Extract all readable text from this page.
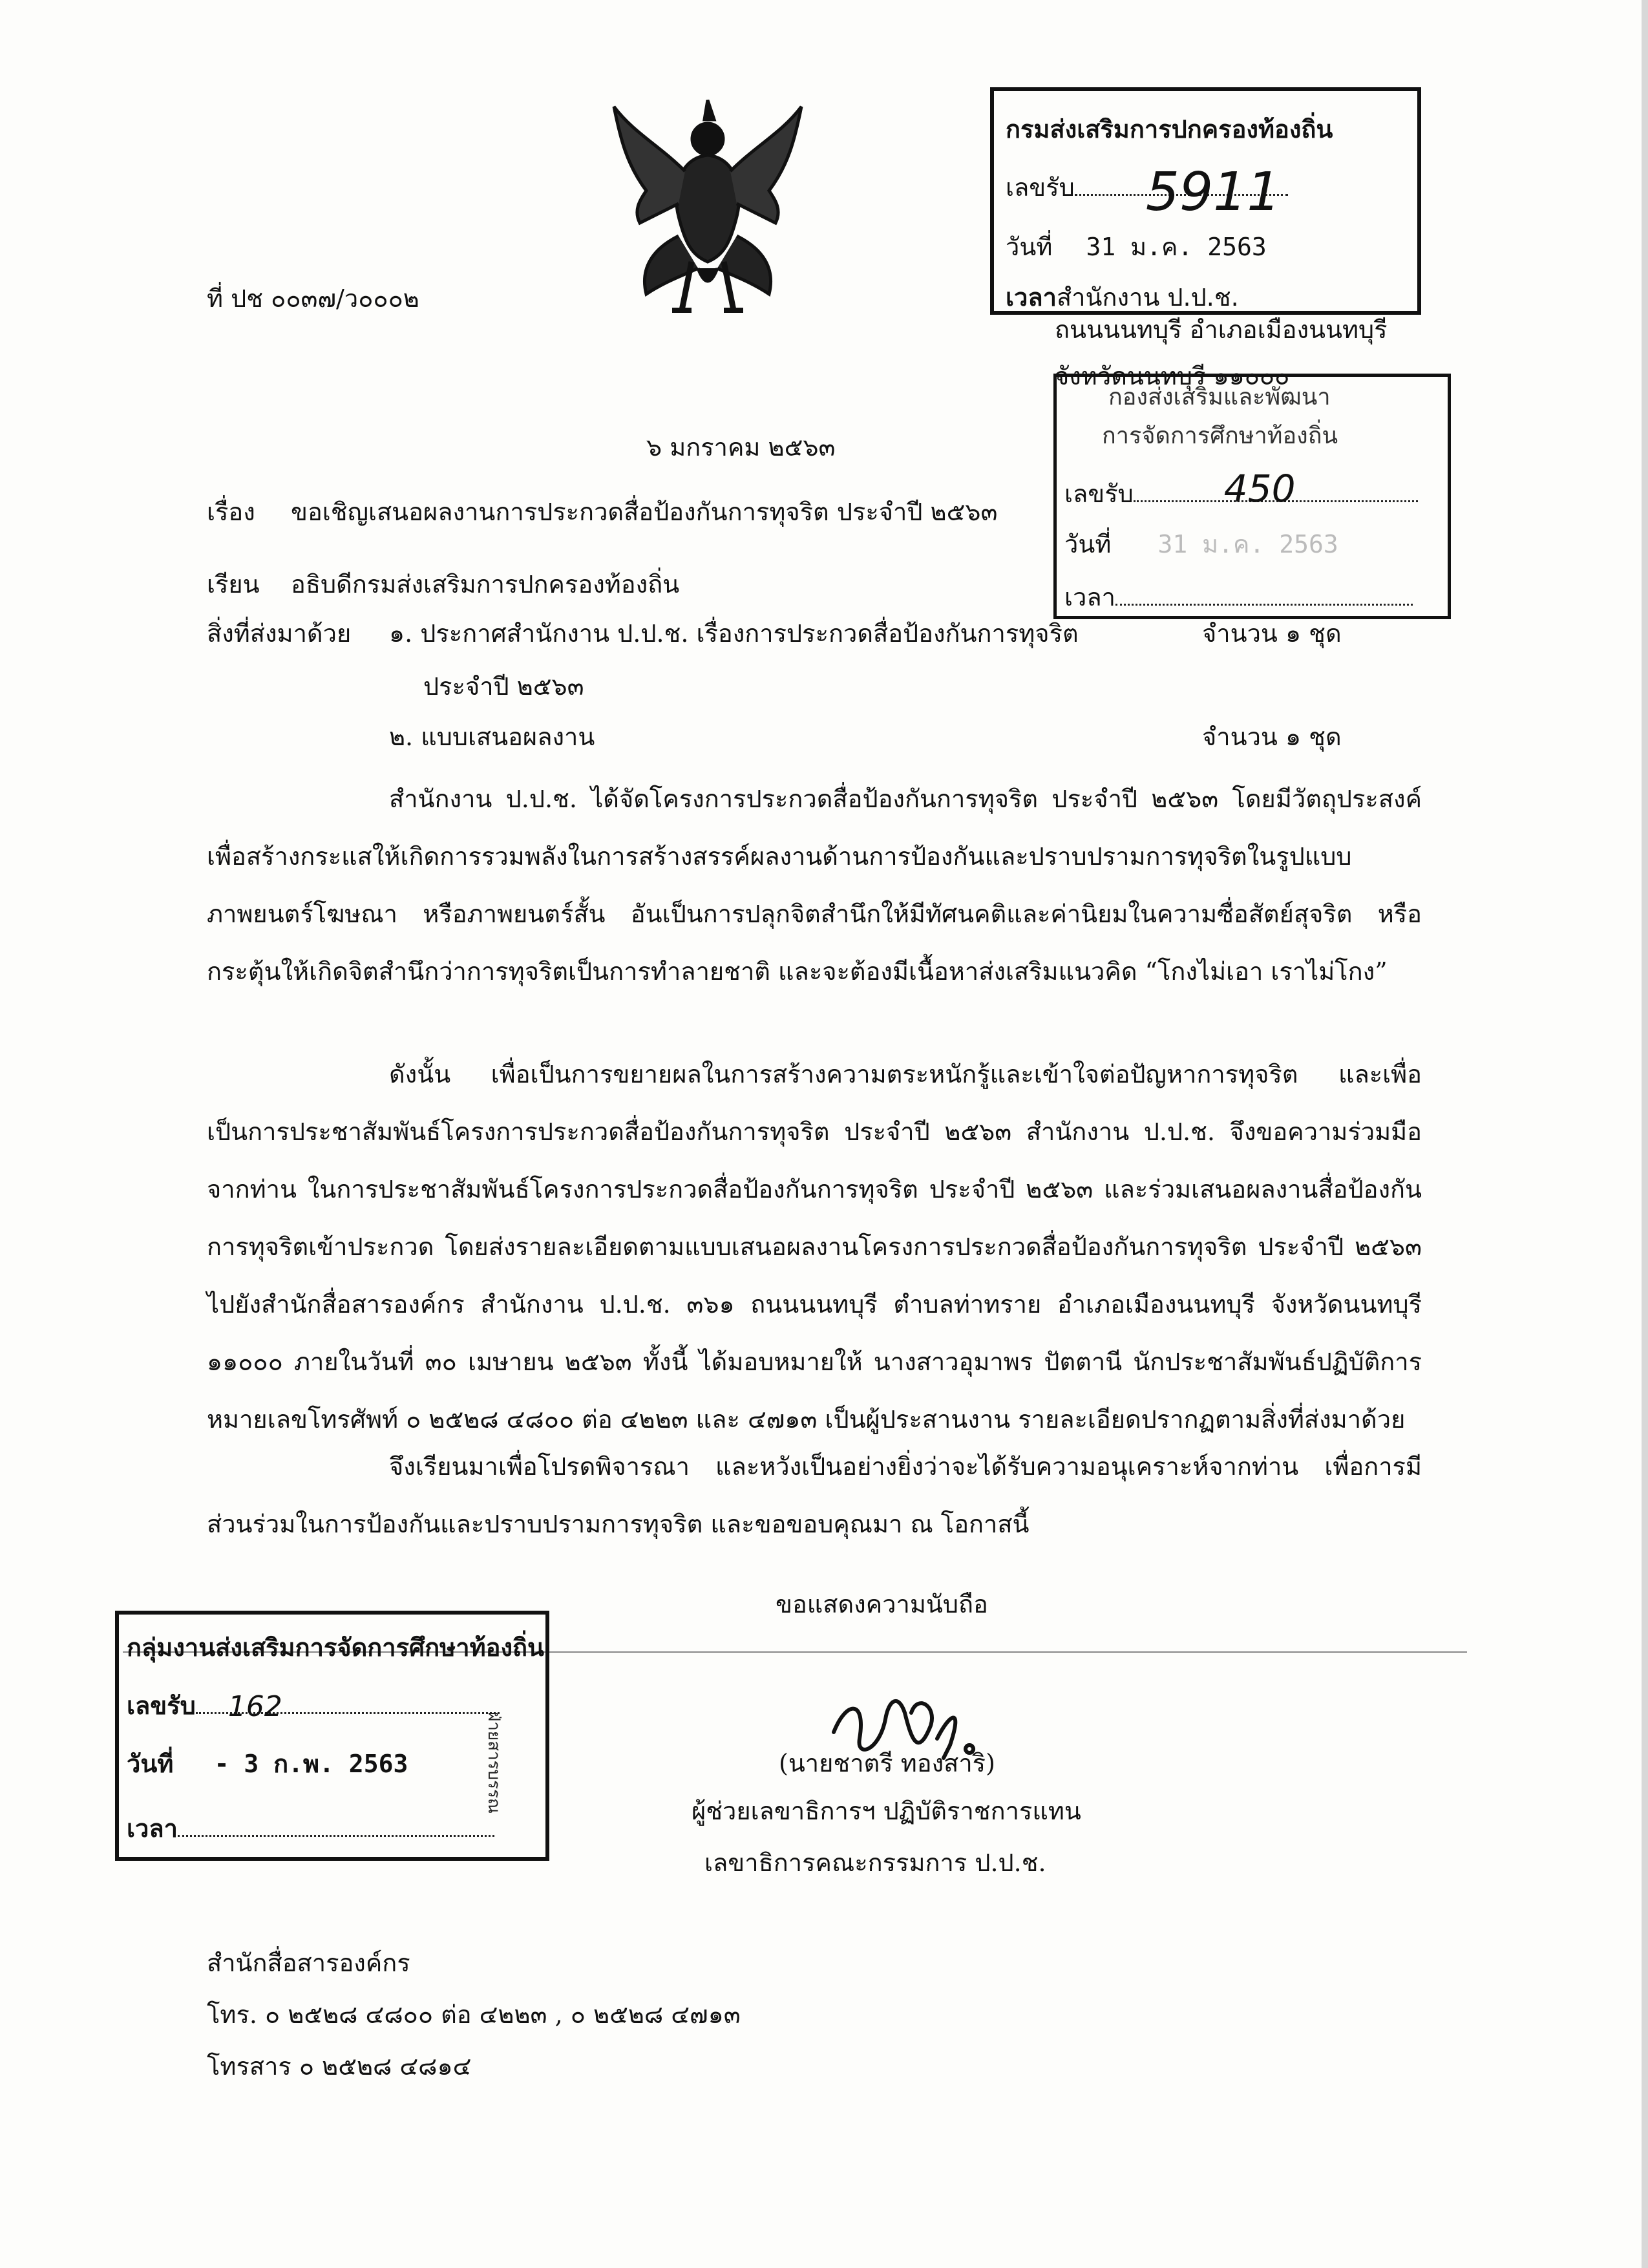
ที่ ปช ๐๐๓๗/ว๐๐๐๒
ถนนนนทบุรี อำเภอเมืองนนทบุรี
จังหวัดนนทบุรี ๑๑๐๐๐
๖ มกราคม ๒๕๖๓
กรมส่งเสริมการปกครองท้องถิ่น
เลขรับ 5911
วันที่ 31 ม.ค. 2563
เวลาสำนักงาน ป.ป.ช.
กองส่งเสริมและพัฒนา
การจัดการศึกษาท้องถิ่น
เลขรับ 450
วันที่ 31 ม.ค. 2563
เวลา
เรื่อง ขอเชิญเสนอผลงานการประกวดสื่อป้องกันการทุจริต ประจำปี ๒๕๖๓
เรียน อธิบดีกรมส่งเสริมการปกครองท้องถิ่น
สิ่งที่ส่งมาด้วย ๑. ประกาศสำนักงาน ป.ป.ช. เรื่องการประกวดสื่อป้องกันการทุจริต	จำนวน ๑ ชุด
ประจำปี ๒๕๖๓
๒. แบบเสนอผลงาน	จำนวน ๑ ชุด
สำนักงาน ป.ป.ช. ได้จัดโครงการประกวดสื่อป้องกันการทุจริต ประจำปี ๒๕๖๓ โดยมีวัตถุประสงค์เพื่อสร้างกระแสให้เกิดการรวมพลังในการสร้างสรรค์ผลงานด้านการป้องกันและปราบปรามการทุจริตในรูปแบบภาพยนตร์โฆษณา หรือภาพยนตร์สั้น อันเป็นการปลุกจิตสำนึกให้มีทัศนคติและค่านิยมในความซื่อสัตย์สุจริต หรือกระตุ้นให้เกิดจิตสำนึกว่าการทุจริตเป็นการทำลายชาติ และจะต้องมีเนื้อหาส่งเสริมแนวคิด “โกงไม่เอา เราไม่โกง”
ดังนั้น เพื่อเป็นการขยายผลในการสร้างความตระหนักรู้และเข้าใจต่อปัญหาการทุจริต และเพื่อเป็นการประชาสัมพันธ์โครงการประกวดสื่อป้องกันการทุจริต ประจำปี ๒๕๖๓ สำนักงาน ป.ป.ช. จึงขอความร่วมมือจากท่าน ในการประชาสัมพันธ์โครงการประกวดสื่อป้องกันการทุจริต ประจำปี ๒๕๖๓ และร่วมเสนอผลงานสื่อป้องกันการทุจริตเข้าประกวด โดยส่งรายละเอียดตามแบบเสนอผลงานโครงการประกวดสื่อป้องกันการทุจริต ประจำปี ๒๕๖๓ ไปยังสำนักสื่อสารองค์กร สำนักงาน ป.ป.ช. ๓๖๑ ถนนนนทบุรี ตำบลท่าทราย อำเภอเมืองนนทบุรี จังหวัดนนทบุรี ๑๑๐๐๐ ภายในวันที่ ๓๐ เมษายน ๒๕๖๓ ทั้งนี้ ได้มอบหมายให้ นางสาวอุมาพร ปัตตานี นักประชาสัมพันธ์ปฏิบัติการ หมายเลขโทรศัพท์ ๐ ๒๕๒๘ ๔๘๐๐ ต่อ ๔๒๒๓ และ ๔๗๑๓ เป็นผู้ประสานงาน รายละเอียดปรากฏตามสิ่งที่ส่งมาด้วย
จึงเรียนมาเพื่อโปรดพิจารณา และหวังเป็นอย่างยิ่งว่าจะได้รับความอนุเคราะห์จากท่าน เพื่อการมีส่วนร่วมในการป้องกันและปราบปรามการทุจริต และขอขอบคุณมา ณ โอกาสนี้
กลุ่มงานส่งเสริมการจัดการศึกษาท้องถิ่น
เลขรับ 162
วันที่ - 3 ก.พ. 2563	ฝ่ายสารบรรณ
เวลา
ขอแสดงความนับถือ
(นายชาตรี ทองสาริ)
ผู้ช่วยเลขาธิการฯ ปฏิบัติราชการแทน
เลขาธิการคณะกรรมการ ป.ป.ช.
สำนักสื่อสารองค์กร
โทร. ๐ ๒๕๒๘ ๔๘๐๐ ต่อ ๔๒๒๓ , ๐ ๒๕๒๘ ๔๗๑๓
โทรสาร ๐ ๒๕๒๘ ๔๘๑๔
